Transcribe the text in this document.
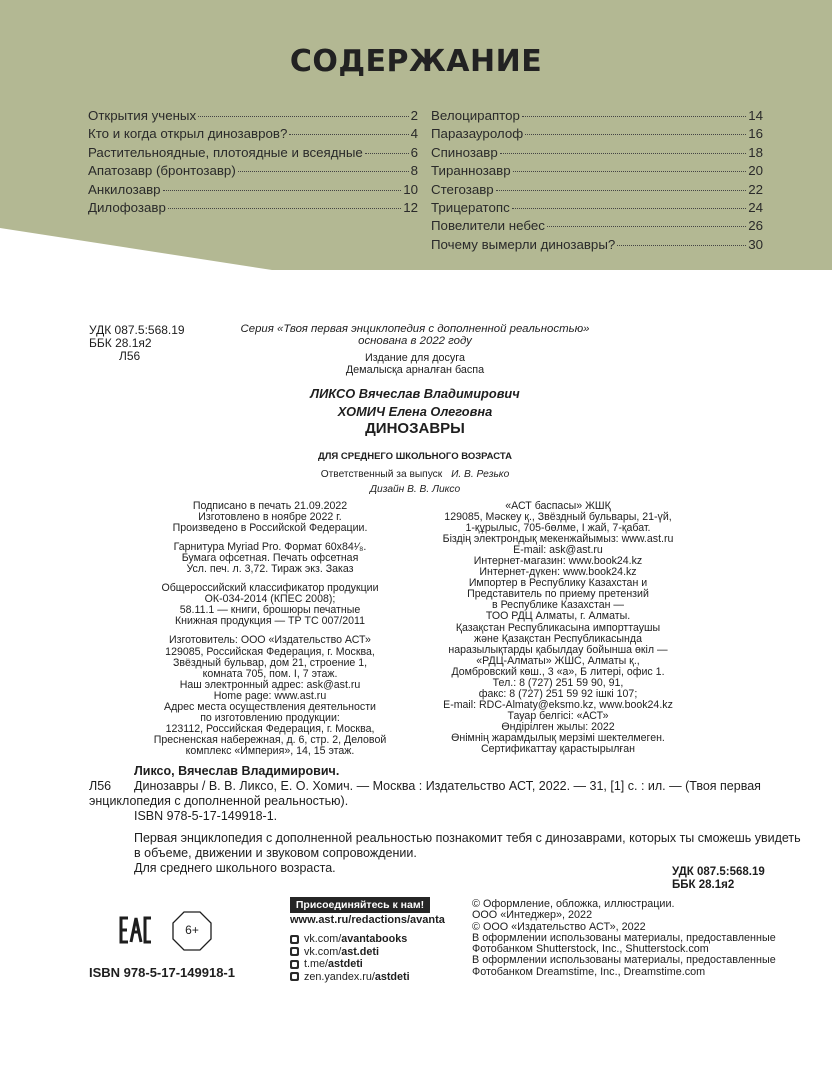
СОДЕРЖАНИЕ
Открытия ученых	2
Кто и когда открыл динозавров?	4
Растительноядные, плотоядные и всеядные	6
Апатозавр (бронтозавр)	8
Анкилозавр	10
Дилофозавр	12
Велоцираптор	14
Паразауролоф	16
Спинозавр	18
Тираннозавр	20
Стегозавр	22
Трицератопс	24
Повелители небес	26
Почему вымерли динозавры?	30
УДК 087.5:568.19
ББК 28.1я2
Л56
Серия «Твоя первая энциклопедия с дополненной реальностью»
основана в 2022 году
Издание для досуга
Демалысқа арналған баспа
ЛИКСО Вячеслав Владимирович
ХОМИЧ Елена Олеговна
ДИНОЗАВРЫ
ДЛЯ СРЕДНЕГО ШКОЛЬНОГО ВОЗРАСТА
Ответственный за выпуск И. В. Резько
Дизайн В. В. Ликсо
Подписано в печать 21.09.2022
Изготовлено в ноябре 2022 г.
Произведено в Российской Федерации.
Гарнитура Myriad Pro. Формат 60x84¹⁄₈.
Бумага офсетная. Печать офсетная
Усл. печ. л. 3,72. Тираж экз. Заказ
Общероссийский классификатор продукции
ОК-034-2014 (КПЕС 2008);
58.11.1 — книги, брошюры печатные
Книжная продукция — ТР ТС 007/2011
Изготовитель: ООО «Издательство АСТ»
129085, Российская Федерация, г. Москва,
Звёздный бульвар, дом 21, строение 1,
комната 705, пом. I, 7 этаж.
Наш электронный адрес: ask@ast.ru
Home page: www.ast.ru
Адрес места осуществления деятельности
по изготовлению продукции:
123112, Российская Федерация, г. Москва,
Пресненская набережная, д. 6, стр. 2, Деловой
комплекс «Империя», 14, 15 этаж.
«АСТ баспасы» ЖШҚ
129085, Мәскеу қ., Звёздный бульвары, 21-үй,
1-құрылыс, 705-бөлме, I жай, 7-қабат.
Біздің электрондық мекенжайымыз: www.ast.ru
E-mail: ask@ast.ru
Интернет-магазин: www.book24.kz
Интернет-дүкен: www.book24.kz
Импортер в Республику Казахстан и
Представитель по приему претензий
в Республике Казахстан —
ТОО РДЦ Алматы, г. Алматы.
Қазақстан Республикасына импорттаушы
және Қазақстан Республикасында
наразылықтарды қабылдау бойынша өкіл —
«РДЦ-Алматы» ЖШС, Алматы қ.,
Домбровский көш., 3 «а», Б литері, офис 1.
Тел.: 8 (727) 251 59 90, 91,
факс: 8 (727) 251 59 92 ішкі 107;
E-mail: RDC-Almaty@eksmo.kz, www.book24.kz
Тауар белгісі: «АСТ»
Өндірілген жылы: 2022
Өнімнің жарамдылық мерзімі шектелмеген.
Сертификаттау қарастырылған

Ликсо, Вячеслав Владимирович.

Л56	Динозавры / В. В. Ликсо, Е. О. Хомич. — Москва : Издательство АСТ, 2022. — 31, [1] с. : ил. — (Твоя первая

энциклопедия с дополненной реальностью).

ISBN 978-5-17-149918-1.

Первая энциклопедия с дополненной реальностью познакомит тебя с динозаврами, которых ты сможешь увидеть

в объеме, движении и звуковом сопровождении.

Для среднего школьного возраста.	УДК 087.5:568.19
ББК 28.1я2
6+
ISBN 978-5-17-149918-1
Присоединяйтесь к нам!
www.ast.ru/redactions/avanta
vk.com/ avantabooks
vk.com/ ast.deti
t.me/ astdeti
zen.yandex.ru/ astdeti
© Оформление, обложка, иллюстрации.
ООО «Интеджер», 2022
© ООО «Издательство АСТ», 2022
В оформлении использованы материалы, предоставленные
Фотобанком Shutterstock, Inc., Shutterstock.com
В оформлении использованы материалы, предоставленные
Фотобанком Dreamstime, Inc., Dreamstime.com
